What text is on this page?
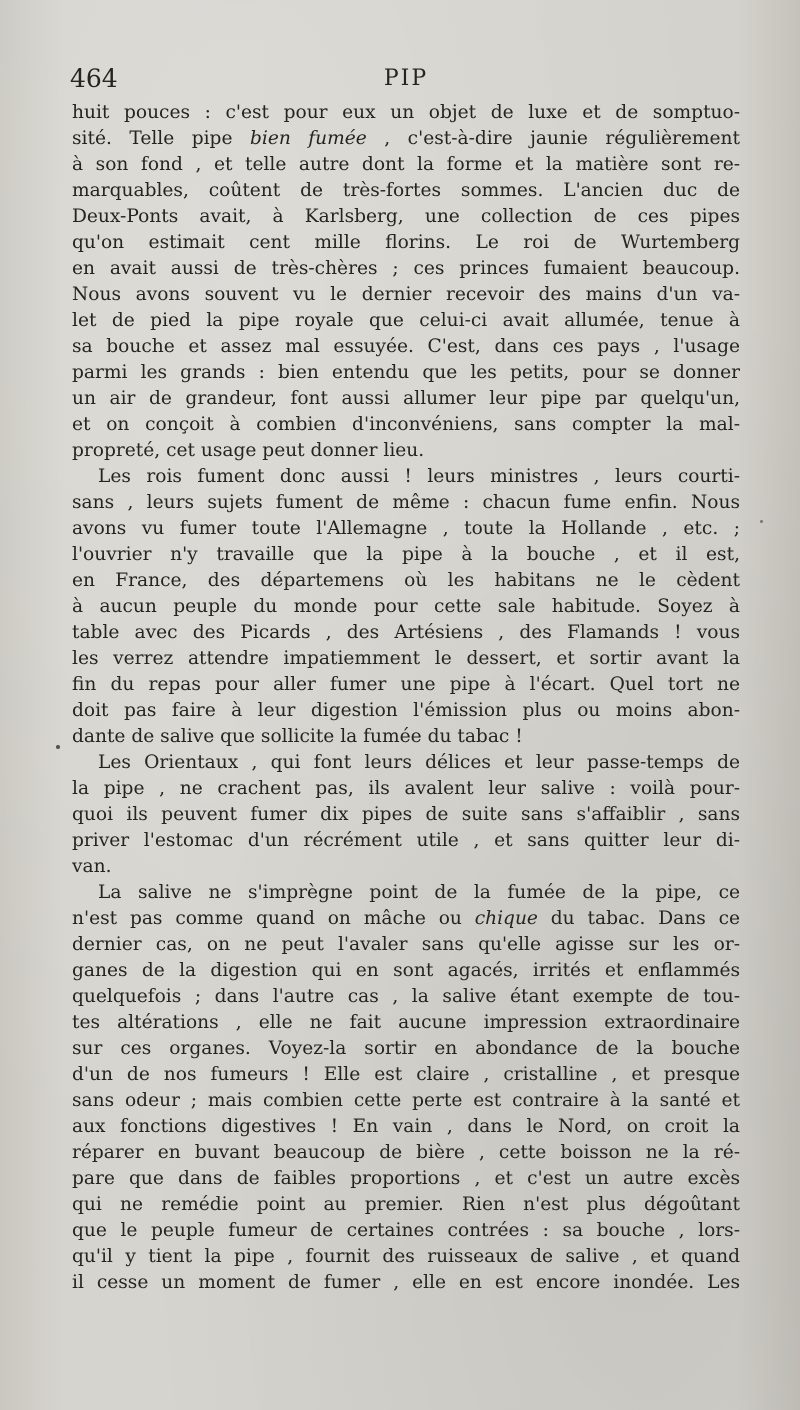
464	PIP
huit pouces : c'est pour eux un objet de luxe et de somptuo-
sité. Telle pipe bien fumée , c'est-à-dire jaunie régulièrement
à son fond , et telle autre dont la forme et la matière sont re-
marquables, coûtent de très-fortes sommes. L'ancien duc de
Deux-Ponts avait, à Karlsberg, une collection de ces pipes
qu'on estimait cent mille florins. Le roi de Wurtemberg
en avait aussi de très-chères ; ces princes fumaient beaucoup.
Nous avons souvent vu le dernier recevoir des mains d'un va-
let de pied la pipe royale que celui-ci avait allumée, tenue à
sa bouche et assez mal essuyée. C'est, dans ces pays , l'usage
parmi les grands : bien entendu que les petits, pour se donner
un air de grandeur, font aussi allumer leur pipe par quelqu'un,
et on conçoit à combien d'inconvéniens, sans compter la mal-
propreté, cet usage peut donner lieu.
Les rois fument donc aussi ! leurs ministres , leurs courti-
sans , leurs sujets fument de même : chacun fume enfin. Nous
avons vu fumer toute l'Allemagne , toute la Hollande , etc. ;
l'ouvrier n'y travaille que la pipe à la bouche , et il est,
en France, des départemens où les habitans ne le cèdent
à aucun peuple du monde pour cette sale habitude. Soyez à
table avec des Picards , des Artésiens , des Flamands ! vous
les verrez attendre impatiemment le dessert, et sortir avant la
fin du repas pour aller fumer une pipe à l'écart. Quel tort ne
doit pas faire à leur digestion l'émission plus ou moins abon-
dante de salive que sollicite la fumée du tabac !
Les Orientaux , qui font leurs délices et leur passe-temps de
la pipe , ne crachent pas, ils avalent leur salive : voilà pour-
quoi ils peuvent fumer dix pipes de suite sans s'affaiblir , sans
priver l'estomac d'un récrément utile , et sans quitter leur di-
van.
La salive ne s'imprègne point de la fumée de la pipe, ce
n'est pas comme quand on mâche ou chique du tabac. Dans ce
dernier cas, on ne peut l'avaler sans qu'elle agisse sur les or-
ganes de la digestion qui en sont agacés, irrités et enflammés
quelquefois ; dans l'autre cas , la salive étant exempte de tou-
tes altérations , elle ne fait aucune impression extraordinaire
sur ces organes. Voyez-la sortir en abondance de la bouche
d'un de nos fumeurs ! Elle est claire , cristalline , et presque
sans odeur ; mais combien cette perte est contraire à la santé et
aux fonctions digestives ! En vain , dans le Nord, on croit la
réparer en buvant beaucoup de bière , cette boisson ne la ré-
pare que dans de faibles proportions , et c'est un autre excès
qui ne remédie point au premier. Rien n'est plus dégoûtant
que le peuple fumeur de certaines contrées : sa bouche , lors-
qu'il y tient la pipe , fournit des ruisseaux de salive , et quand
il cesse un moment de fumer , elle en est encore inondée. Les
